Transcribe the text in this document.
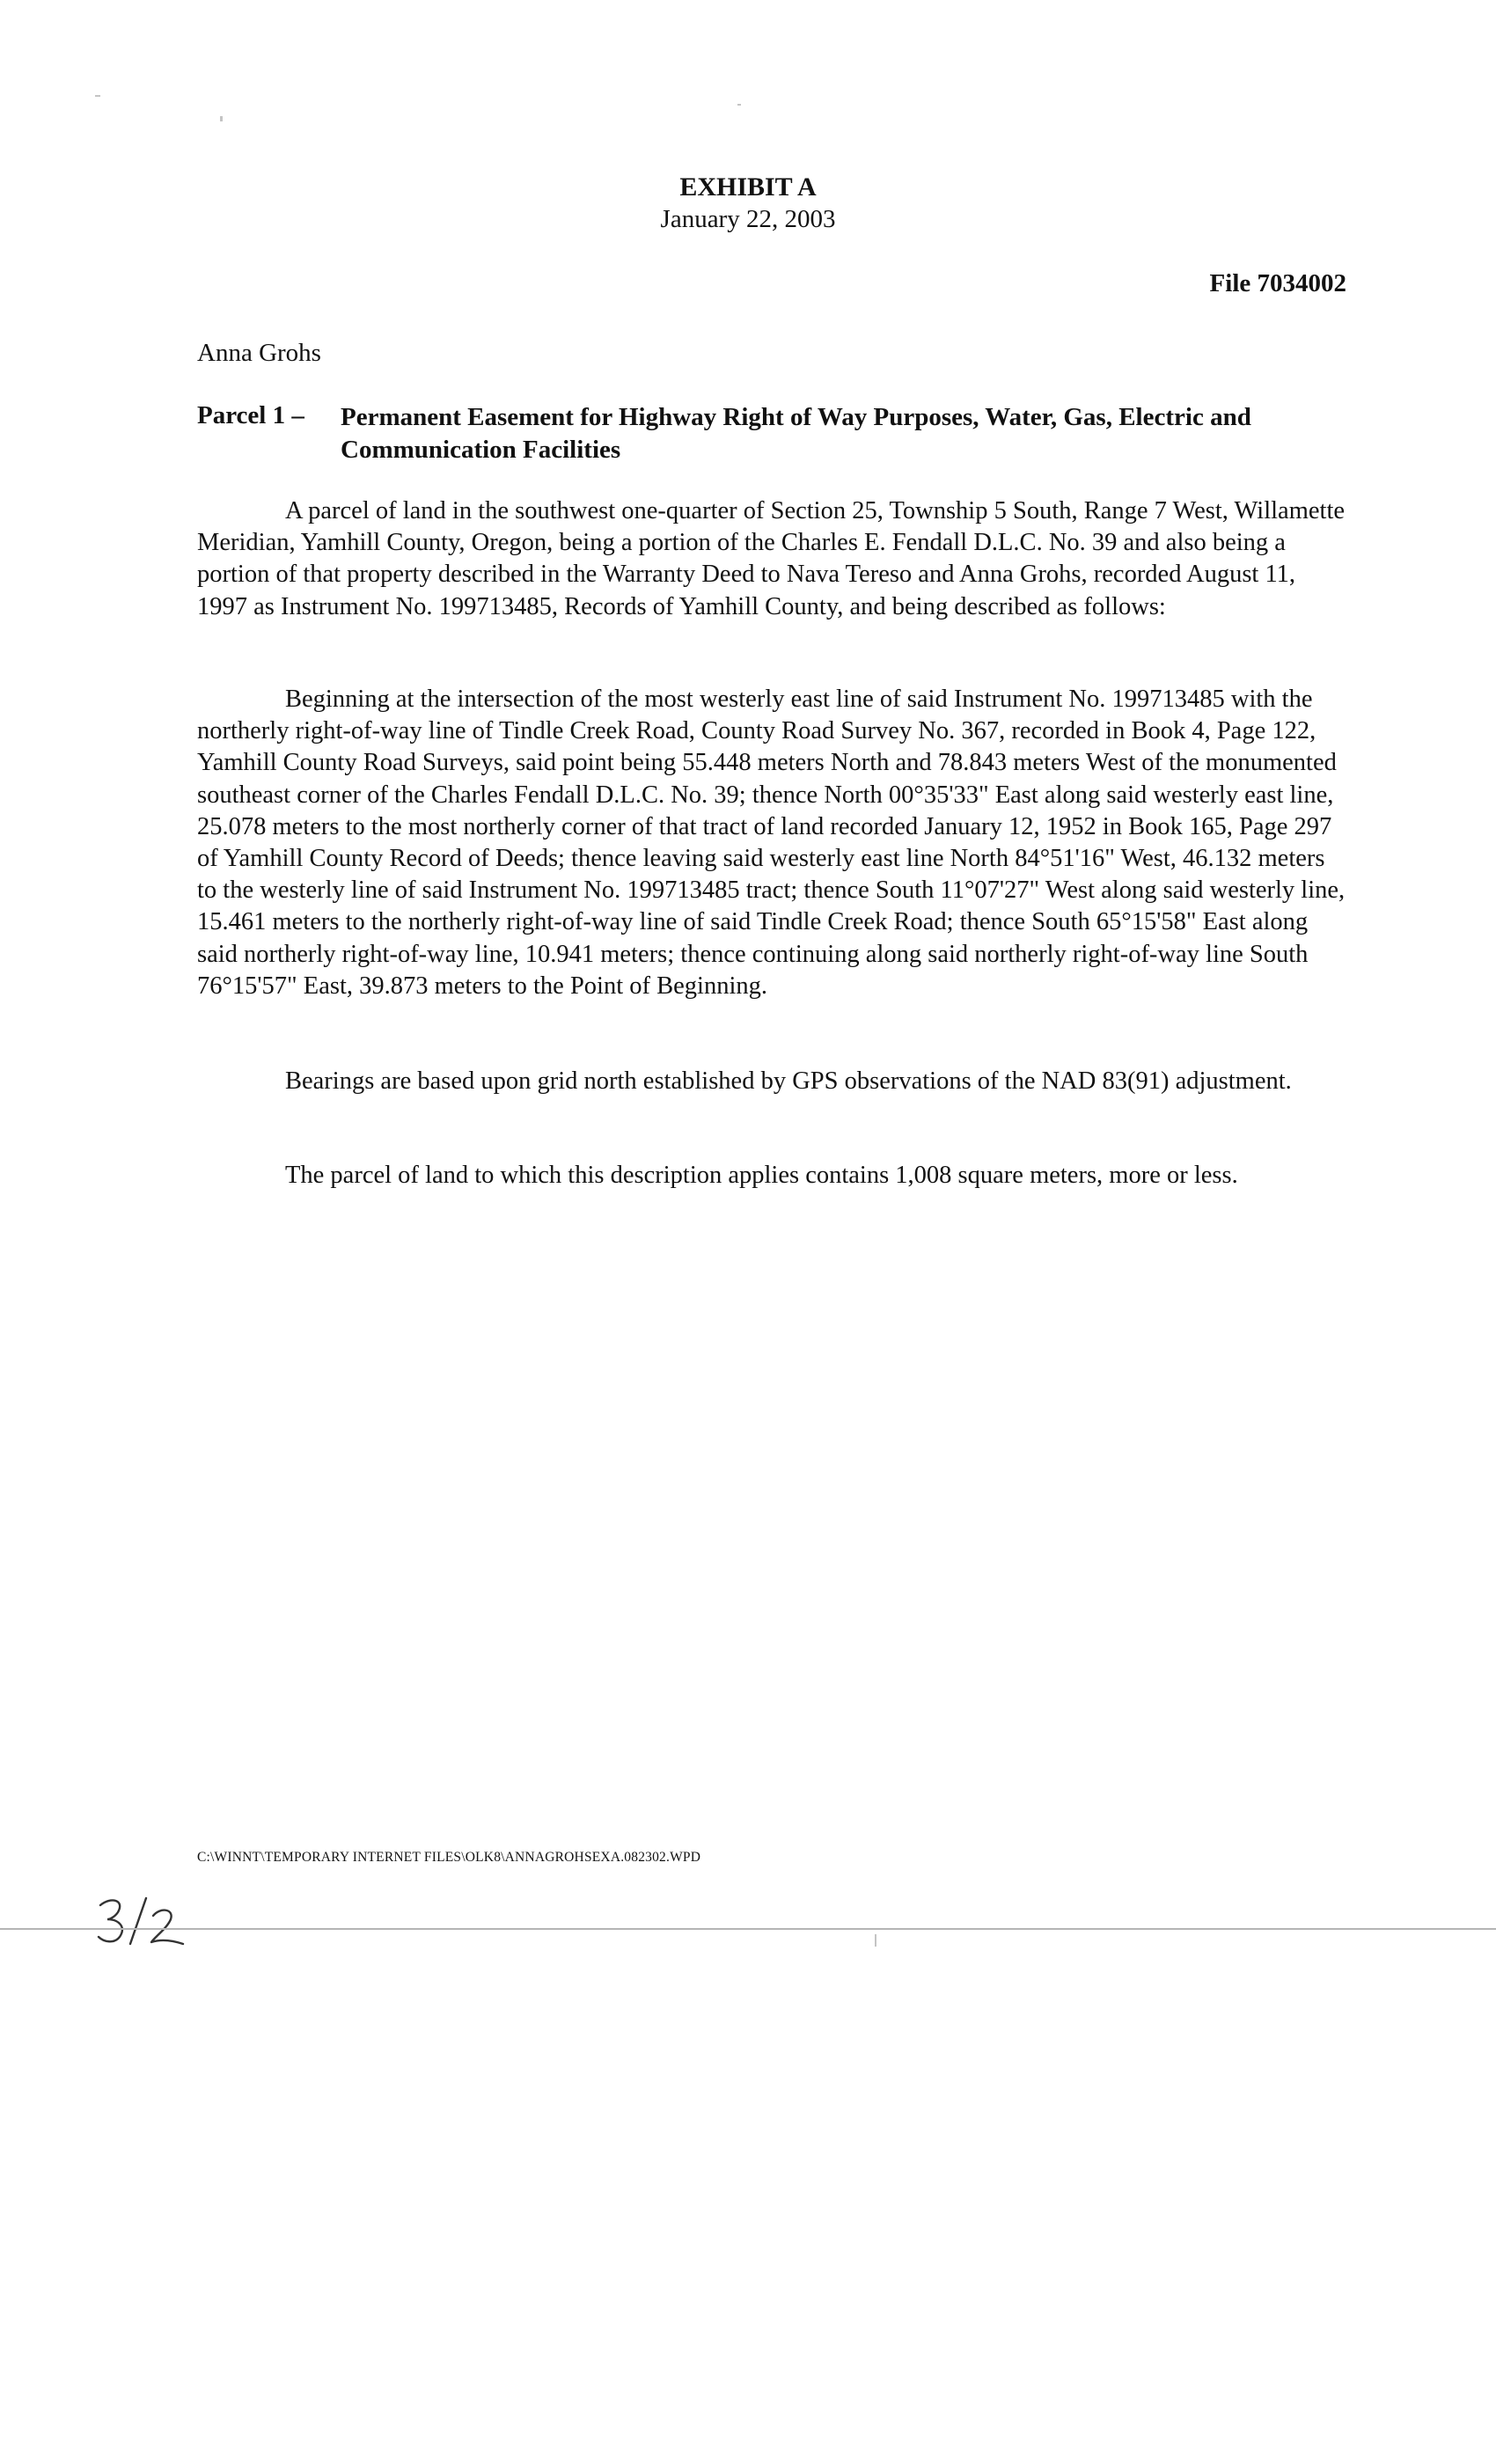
EXHIBIT A
January 22, 2003
File 7034002
Anna Grohs
Parcel 1 – Permanent Easement for Highway Right of Way Purposes, Water, Gas, Electric and Communication Facilities
A parcel of land in the southwest one-quarter of Section 25, Township 5 South, Range 7 West, Willamette Meridian, Yamhill County, Oregon, being a portion of the Charles E. Fendall D.L.C. No. 39 and also being a portion of that property described in the Warranty Deed to Nava Tereso and Anna Grohs, recorded August 11, 1997 as Instrument No. 199713485, Records of Yamhill County, and being described as follows:
Beginning at the intersection of the most westerly east line of said Instrument No. 199713485 with the northerly right-of-way line of Tindle Creek Road, County Road Survey No. 367, recorded in Book 4, Page 122, Yamhill County Road Surveys, said point being 55.448 meters North and 78.843 meters West of the monumented southeast corner of the Charles Fendall D.L.C. No. 39; thence North 00°35'33" East along said westerly east line, 25.078 meters to the most northerly corner of that tract of land recorded January 12, 1952 in Book 165, Page 297 of Yamhill County Record of Deeds; thence leaving said westerly east line North 84°51'16" West, 46.132 meters to the westerly line of said Instrument No. 199713485 tract; thence South 11°07'27" West along said westerly line, 15.461 meters to the northerly right-of-way line of said Tindle Creek Road; thence South 65°15'58" East along said northerly right-of-way line, 10.941 meters; thence continuing along said northerly right-of-way line South 76°15'57" East, 39.873 meters to the Point of Beginning.
Bearings are based upon grid north established by GPS observations of the NAD 83(91) adjustment.
The parcel of land to which this description applies contains 1,008 square meters, more or less.
C:\WINNT\TEMPORARY INTERNET FILES\OLK8\ANNAGROHSEXA.082302.WPD
